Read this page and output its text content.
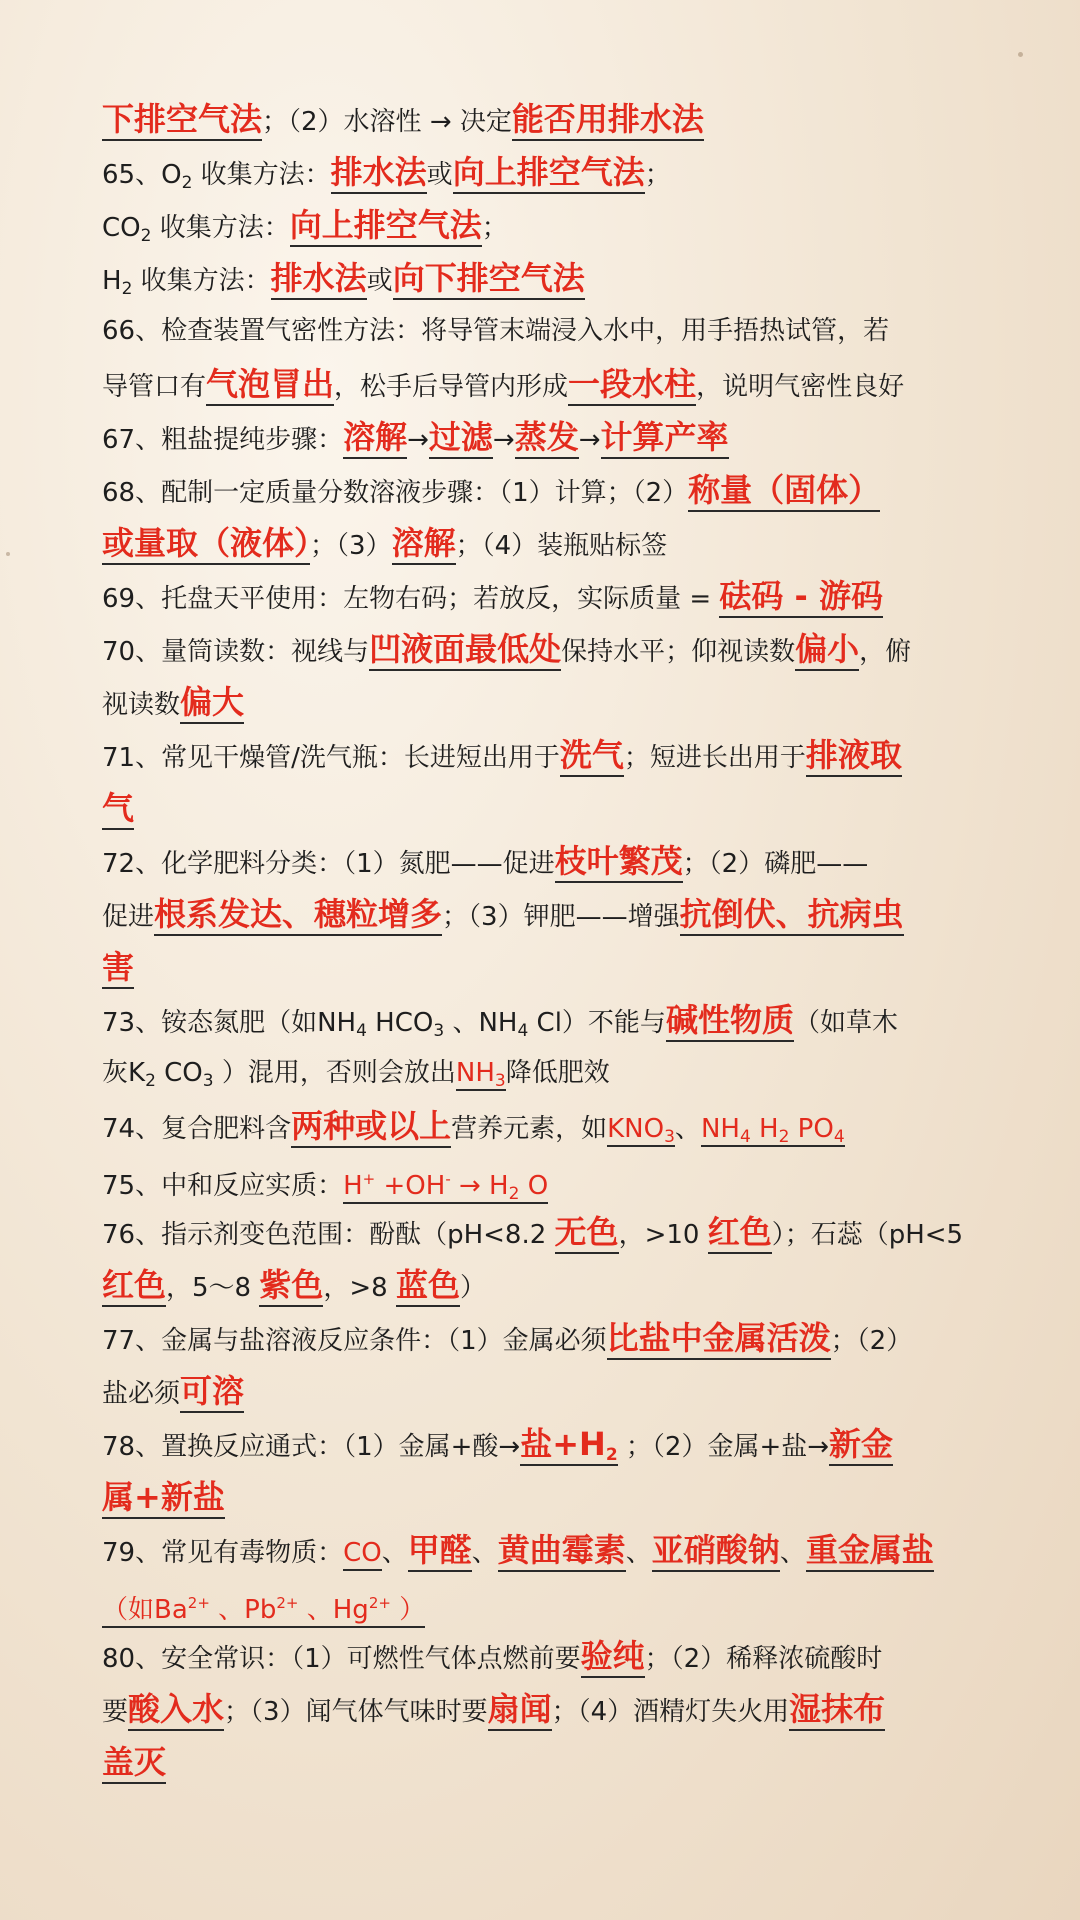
下排空气法；（2）水溶性 → 决定能否用排水法
65、$O_2$ 收集方法：排水法或向上排空气法；
$CO_2$ 收集方法：向上排空气法；
$H_2$ 收集方法：排水法或向下排空气法
66、检查装置气密性方法：将导管末端浸入水中，用手捂热试管，若
导管口有气泡冒出，松手后导管内形成一段水柱，说明气密性良好
67、粗盐提纯步骤：溶解→过滤→蒸发→计算产率
68、配制一定质量分数溶液步骤：（1）计算；（2）称量（固体）
或量取（液体）；（3）溶解；（4）装瓶贴标签
69、托盘天平使用：左物右码；若放反，实际质量 = 砝码 - 游码
70、量筒读数：视线与凹液面最低处保持水平；仰视读数偏小，俯
视读数偏大
71、常见干燥管/洗气瓶：长进短出用于洗气；短进长出用于排液取
气
72、化学肥料分类：（1）氮肥——促进枝叶繁茂；（2）磷肥——
促进根系发达、穗粒增多；（3）钾肥——增强抗倒伏、抗病虫
害
73、铵态氮肥（如$NH_4$ $HCO_3$ 、$NH_4$ Cl）不能与碱性物质（如草木
灰$K_2$ $CO_3$ ）混用，否则会放出$NH_3$降低肥效
74、复合肥料含两种或以上营养元素，如$KNO_3$、$NH_4$ $H_2$ $PO_4$
75、中和反应实质：$H^+ +OH^- \to H_2$ O
76、指示剂变色范围：酚酞（pH<8.2 无色，>10 红色）；石蕊（pH<5
红色，5～8 紫色，>8 蓝色）
77、金属与盐溶液反应条件：（1）金属必须比盐中金属活泼；（2）
盐必须可溶
78、置换反应通式：（1）金属+酸→盐$+H_2$ ；（2）金属+盐→新金
属+新盐
79、常见有毒物质：CO、甲醛、黄曲霉素、亚硝酸钠、重金属盐
（如$Ba^{2+}$ 、$Pb^{2+}$ 、$Hg^{2+}$ ）
80、安全常识：（1）可燃性气体点燃前要验纯；（2）稀释浓硫酸时
要酸入水；（3）闻气体气味时要扇闻；（4）酒精灯失火用湿抹布
盖灭
